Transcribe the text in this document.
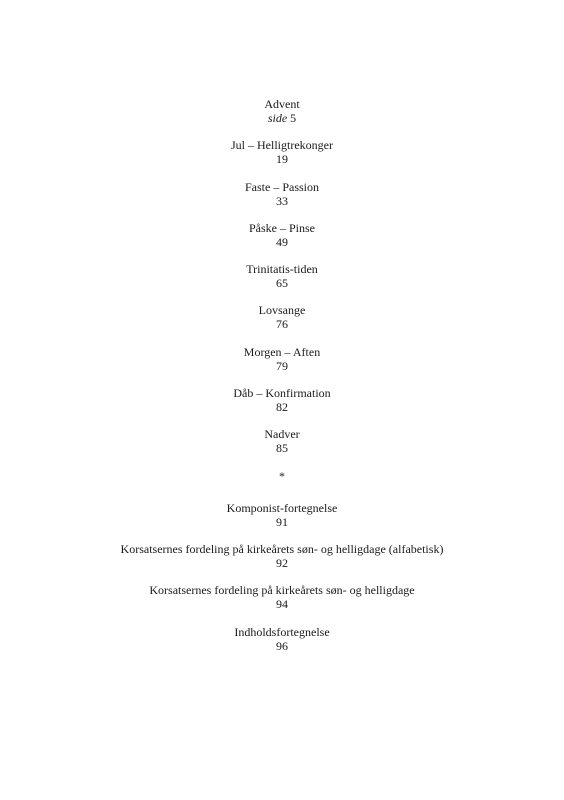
Advent
side 5
Jul – Helligtrekonger
19
Faste – Passion
33
Påske – Pinse
49
Trinitatis-tiden
65
Lovsange
76
Morgen – Aften
79
Dåb – Konfirmation
82
Nadver
85
*
Komponist-fortegnelse
91
Korsatsernes fordeling på kirkeårets søn- og helligdage (alfabetisk)
92
Korsatsernes fordeling på kirkeårets søn- og helligdage
94
Indholdsfortegnelse
96
